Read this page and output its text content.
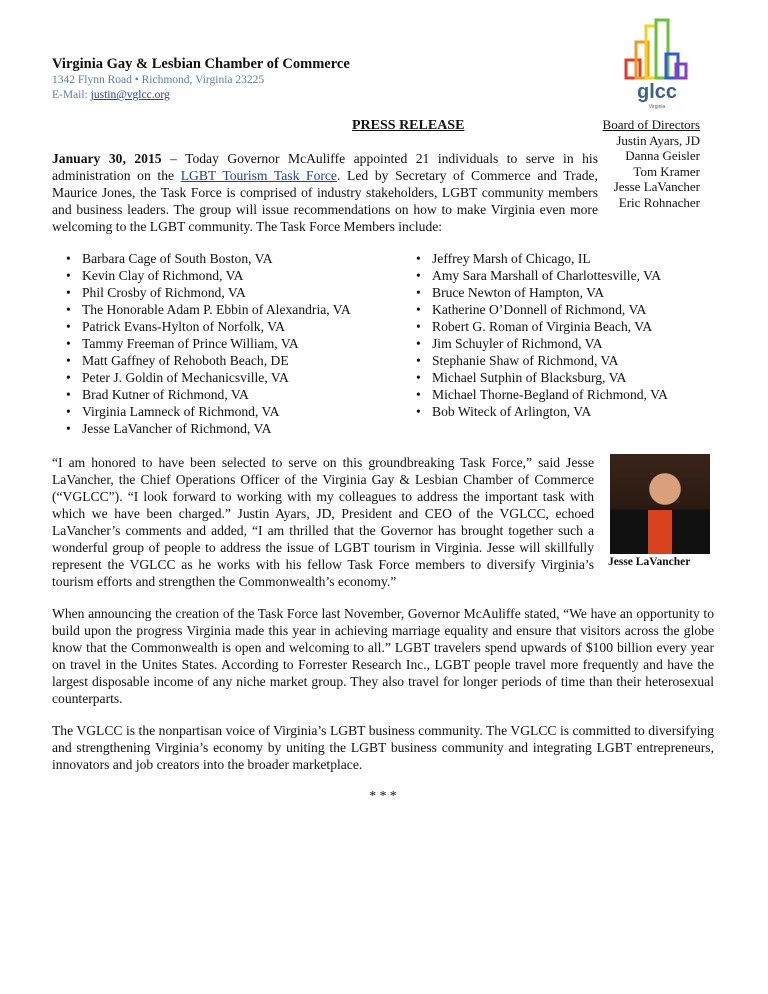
Virginia Gay & Lesbian Chamber of Commerce
1342 Flynn Road • Richmond, Virginia 23225
E-Mail: justin@vglcc.org	glcc
Virginia
PRESS RELEASE	Board of Directors
Justin Ayars, JD
Danna Geisler
Tom Kramer
Jesse LaVancher
Eric Rohnacher

January 30, 2015 – Today Governor McAuliffe appointed 21 individuals to serve in his administration on the LGBT Tourism Task Force. Led by Secretary of Commerce and Trade, Maurice Jones, the Task Force is comprised of industry stakeholders, LGBT community members and business leaders. The group will issue recommendations on how to make Virginia even more welcoming to the LGBT community. The Task Force Members include:

• Barbara Cage of South Boston, VA
• Kevin Clay of Richmond, VA
• Phil Crosby of Richmond, VA
• The Honorable Adam P. Ebbin of Alexandria, VA
• Patrick Evans-Hylton of Norfolk, VA
• Tammy Freeman of Prince William, VA
• Matt Gaffney of Rehoboth Beach, DE
• Peter J. Goldin of Mechanicsville, VA
• Brad Kutner of Richmond, VA
• Virginia Lamneck of Richmond, VA
• Jesse LaVancher of Richmond, VA
• Jeffrey Marsh of Chicago, IL
• Amy Sara Marshall of Charlottesville, VA
• Bruce Newton of Hampton, VA
• Katherine O’Donnell of Richmond, VA
• Robert G. Roman of Virginia Beach, VA
• Jim Schuyler of Richmond, VA
• Stephanie Shaw of Richmond, VA
• Michael Sutphin of Blacksburg, VA
• Michael Thorne-Begland of Richmond, VA
• Bob Witeck of Arlington, VA
Jesse LaVancher
“I am honored to have been selected to serve on this groundbreaking Task Force,” said Jesse LaVancher, the Chief Operations Officer of the Virginia Gay & Lesbian Chamber of Commerce (“VGLCC”). “I look forward to working with my colleagues to address the important task with which we have been charged.” Justin Ayars, JD, President and CEO of the VGLCC, echoed LaVancher’s comments and added, “I am thrilled that the Governor has brought together such a wonderful group of people to address the issue of LGBT tourism in Virginia. Jesse will skillfully represent the VGLCC as he works with his fellow Task Force members to diversify Virginia’s tourism efforts and strengthen the Commonwealth’s economy.”

When announcing the creation of the Task Force last November, Governor McAuliffe stated, “We have an opportunity to build upon the progress Virginia made this year in achieving marriage equality and ensure that visitors across the globe know that the Commonwealth is open and welcoming to all.” LGBT travelers spend upwards of $100 billion every year on travel in the Unites States. According to Forrester Research Inc., LGBT people travel more frequently and have the largest disposable income of any niche market group. They also travel for longer periods of time than their heterosexual counterparts.

The VGLCC is the nonpartisan voice of Virginia’s LGBT business community. The VGLCC is committed to diversifying and strengthening Virginia’s economy by uniting the LGBT business community and integrating LGBT entrepreneurs, innovators and job creators into the broader marketplace.

* * *
